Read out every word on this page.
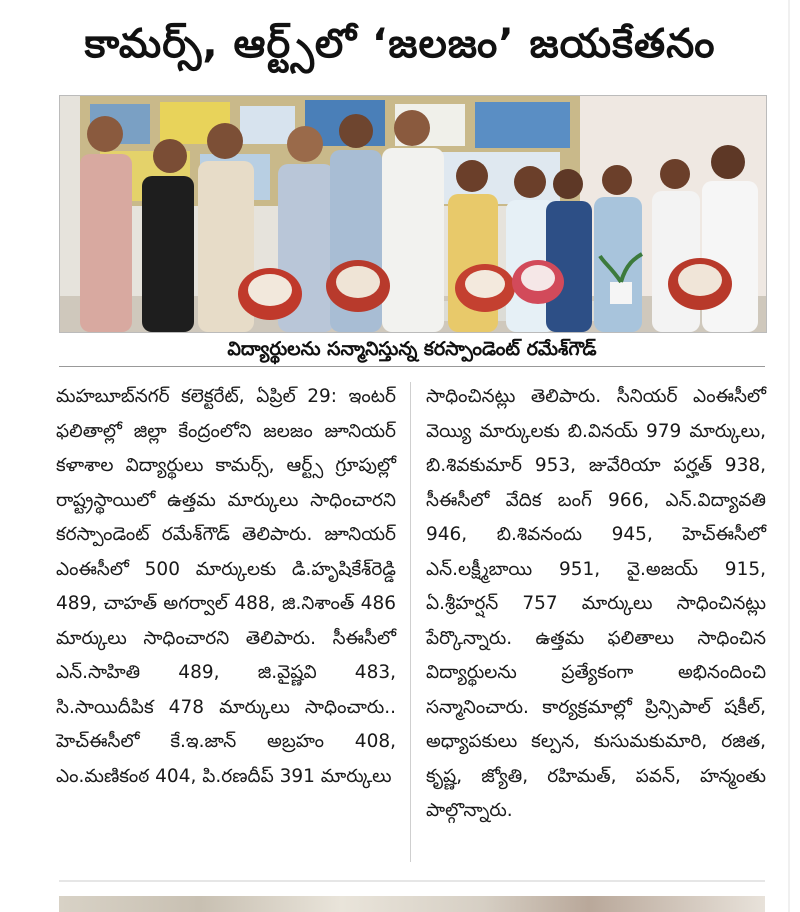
కామర్స్‌, ఆర్ట్స్‌లో ‘జలజం’ జయకేతనం
విద్యార్థులను సన్మానిస్తున్న కరస్పాండెంట్ రమేశ్‌గౌడ్
మహబూబ్‌నగర్ కలెక్టరేట్, ఏప్రిల్ 29: ఇంటర్ ఫలితాల్లో జిల్లా కేంద్రంలోని జలజం జూనియర్ కళాశాల విద్యార్థులు కామర్స్, ఆర్ట్స్ గ్రూపుల్లో రాష్ట్రస్థాయిలో ఉత్తమ మార్కులు సాధించారని కరస్పాండెంట్ రమేశ్‌గౌడ్ తెలిపారు. జూనియర్ ఎంఈసీలో 500 మార్కులకు డి.హృషికేశ్‌రెడ్డి 489, చాహత్ అగర్వాల్ 488, జి.నిశాంత్ 486 మార్కులు సాధించారని తెలిపారు. సీఈసీలో ఎన్.సాహితి 489, జి.వైష్ణవి 483, సి.సాయిదీపిక 478 మార్కులు సాధించారు.. హెచ్‌ఈసీలో కే.ఇ.జాన్ అబ్రహం 408, ఎం.మణికంఠ 404, పి.రణదీప్ 391 మార్కులు
సాధించినట్లు తెలిపారు. సీనియర్ ఎంఈసీలో వెయ్యి మార్కులకు బి.వినయ్ 979 మార్కులు, బి.శివకుమార్ 953, జువేరియా పర్హత్ 938, సీఈసీలో వేదిక బంగ్ 966, ఎన్.విద్యావతి 946, బి.శివనందు 945, హెచ్‌ఈసీలో ఎన్.లక్ష్మీబాయి 951, వై.అజయ్ 915, ఏ.శ్రీహర్షన్ 757 మార్కులు సాధించినట్లు పేర్కొన్నారు. ఉత్తమ ఫలితాలు సాధించిన విద్యార్థులను ప్రత్యేకంగా అభినందించి సన్మానించారు. కార్యక్రమాల్లో ప్రిన్సిపాల్ షకీల్, అధ్యాపకులు కల్పన, కుసుమకుమారి, రజిత, కృష్ణ, జ్యోతి, రహిమత్, పవన్, హన్మంతు పాల్గొన్నారు.
